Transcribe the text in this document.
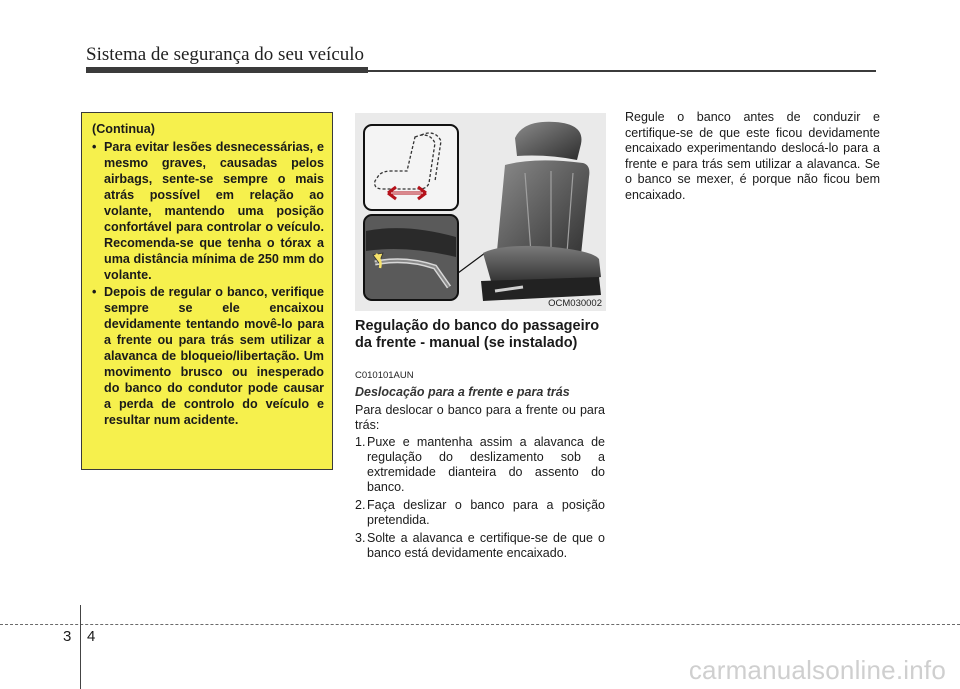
Sistema de segurança do seu veículo
(Continua)
• Para evitar lesões desnecessárias, e mesmo graves, causadas pelos airbags, sente-se sempre o mais atrás possível em relação ao volante, mantendo uma posição confortável para controlar o veículo. Recomenda-se que tenha o tórax a uma distância mínima de 250 mm do volante.
• Depois de regular o banco, verifique sempre se ele encaixou devidamente tentando movê-lo para a frente ou para trás sem utilizar a alavanca de bloqueio/libertação. Um movimento brusco ou inesperado do banco do condutor pode causar a perda de controlo do veículo e resultar num acidente.
OCM030002
Regulação do banco do passageiro da frente - manual (se instalado)
C010101AUN
Deslocação para a frente e para trás
Para deslocar o banco para a frente ou para trás:
1. Puxe e mantenha assim a alavanca de regulação do deslizamento sob a extremidade dianteira do assento do banco.
2. Faça deslizar o banco para a posição pretendida.
3. Solte a alavanca e certifique-se de que o banco está devidamente encaixado.
Regule o banco antes de conduzir e certifique-se de que este ficou devidamente encaixado experimentando deslocá-lo para a frente e para trás sem utilizar a alavanca. Se o banco se mexer, é porque não ficou bem encaixado.
3 4
carmanualsonline.info
